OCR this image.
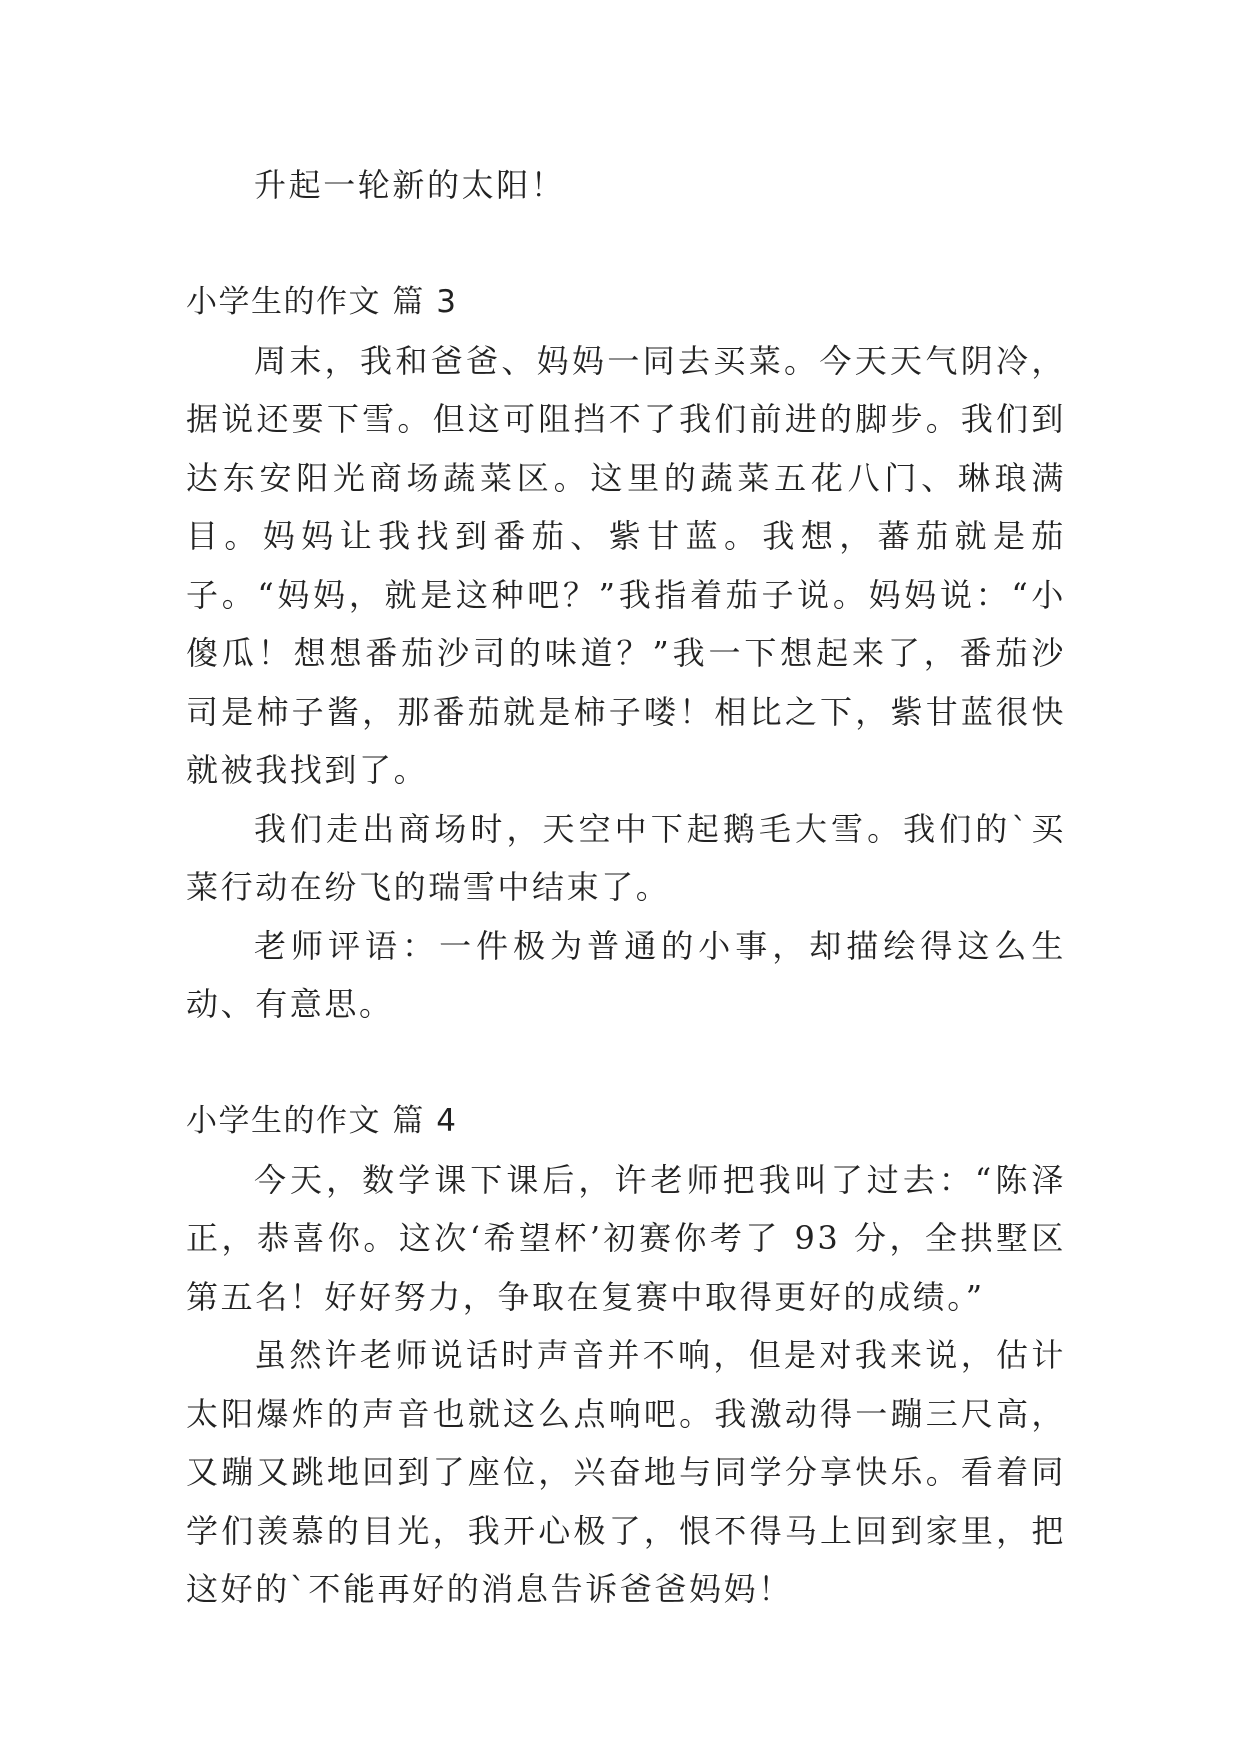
升起一轮新的太阳！

小学生的作文 篇 3

周末，我和爸爸、妈妈一同去买菜。今天天气阴冷，据说还要下雪。但这可阻挡不了我们前进的脚步。我们到达东安阳光商场蔬菜区。这里的蔬菜五花八门、琳琅满目。妈妈让我找到番茄、紫甘蓝。我想，蕃茄就是茄子。“妈妈，就是这种吧？”我指着茄子说。妈妈说：“小傻瓜！想想番茄沙司的味道？”我一下想起来了，番茄沙司是柿子酱，那番茄就是柿子喽！相比之下，紫甘蓝很快就被我找到了。

我们走出商场时，天空中下起鹅毛大雪。我们的`买菜行动在纷飞的瑞雪中结束了。

老师评语：一件极为普通的小事，却描绘得这么生动、有意思。

小学生的作文 篇 4

今天，数学课下课后，许老师把我叫了过去：“陈泽正，恭喜你。这次‘希望杯’初赛你考了 93 分，全拱墅区第五名！好好努力，争取在复赛中取得更好的成绩。”

虽然许老师说话时声音并不响，但是对我来说，估计太阳爆炸的声音也就这么点响吧。我激动得一蹦三尺高，又蹦又跳地回到了座位，兴奋地与同学分享快乐。看着同学们羡慕的目光，我开心极了，恨不得马上回到家里，把这好的`不能再好的消息告诉爸爸妈妈！
